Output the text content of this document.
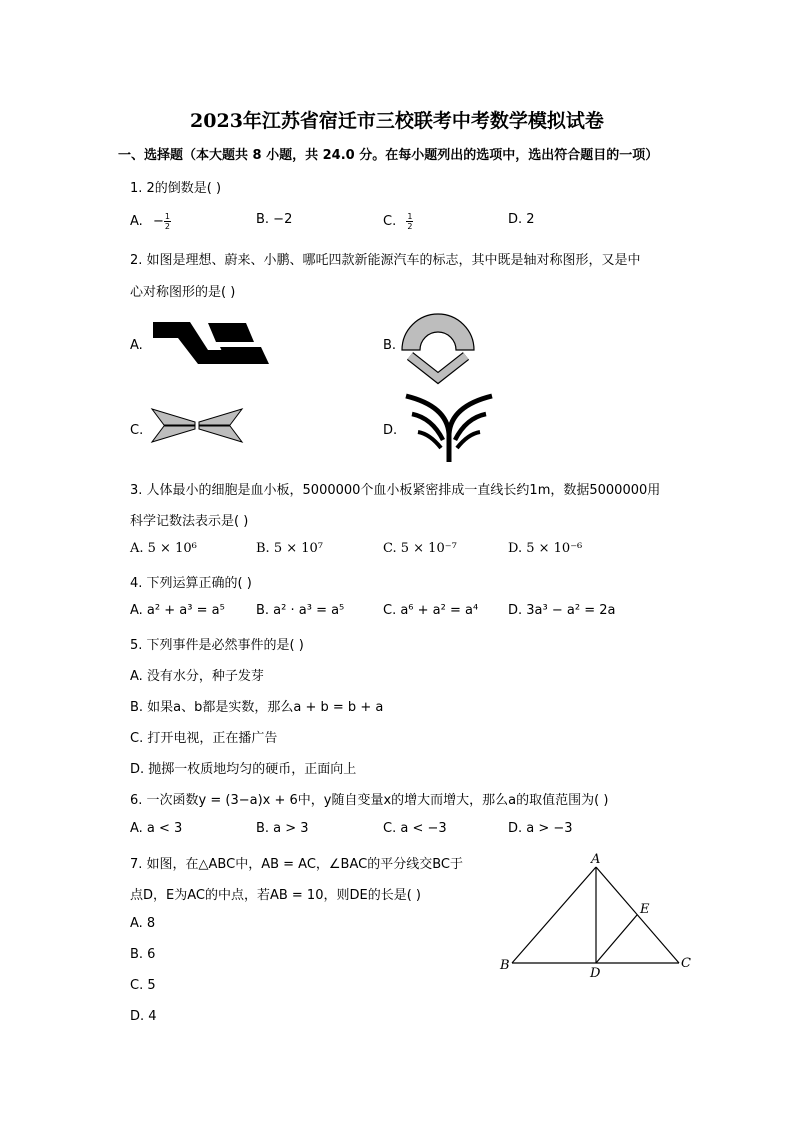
2023年江苏省宿迁市三校联考中考数学模拟试卷
一、选择题（本大题共 8 小题，共 24.0 分。在每小题列出的选项中，选出符合题目的一项）
1. 2的倒数是( )
A. − $\frac{1}{2}$	B. −2	C. $\frac{1}{2}$	D. 2
2. 如图是理想、蔚来、小鹏、哪吒四款新能源汽车的标志，其中既是轴对称图形，又是中
心对称图形的是( )
A.	B.
C.	D.
3. 人体最小的细胞是血小板，5000000个血小板紧密排成一直线长约1m，数据5000000用
科学记数法表示是( )
A. 5 × 10⁶	B. 5 × 10⁷	C. 5 × 10⁻⁷	D. 5 × 10⁻⁶
4. 下列运算正确的( )
A. a² + a³ = a⁵ B. a² · a³ = a⁵	C. a⁶ + a² = a⁴ D. 3a³ − a² = 2a
5. 下列事件是必然事件的是( )
A. 没有水分，种子发芽
B. 如果a、b都是实数，那么a + b = b + a
C. 打开电视，正在播广告
D. 抛掷一枚质地均匀的硬币，正面向上
6. 一次函数y = (3−a)x + 6中，y随自变量x的增大而增大，那么a的取值范围为( )
A. a < 3	B. a > 3	C. a < −3	D. a > −3
7. 如图，在△ABC中，AB = AC，∠BAC的平分线交BC于
点D，E为AC的中点，若AB = 10，则DE的长是( )
A. 8
B. 6
C. 5
D. 4
A
B	C
D
E
